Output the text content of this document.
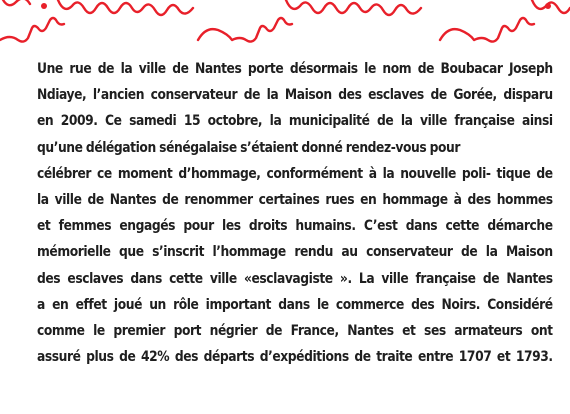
Une rue de la ville de Nantes porte désormais le nom de Boubacar Joseph
Ndiaye, l’ancien conservateur de la Maison des esclaves de Gorée, disparu
en 2009. Ce samedi 15 octobre, la municipalité de la ville française ainsi
qu’une délégation sénégalaise s’étaient donné rendez-vous pour
célébrer ce moment d’hommage, conformément à la nouvelle poli- tique de
la ville de Nantes de renommer certaines rues en hommage à des hommes
et femmes engagés pour les droits humains. C’est dans cette démarche
mémorielle que s’inscrit l’hommage rendu au conservateur de la Maison
des esclaves dans cette ville «esclavagiste ». La ville française de Nantes
a en effet joué un rôle important dans le commerce des Noirs. Considéré
comme le premier port négrier de France, Nantes et ses armateurs ont
assuré plus de 42% des départs d’expéditions de traite entre 1707 et 1793.
